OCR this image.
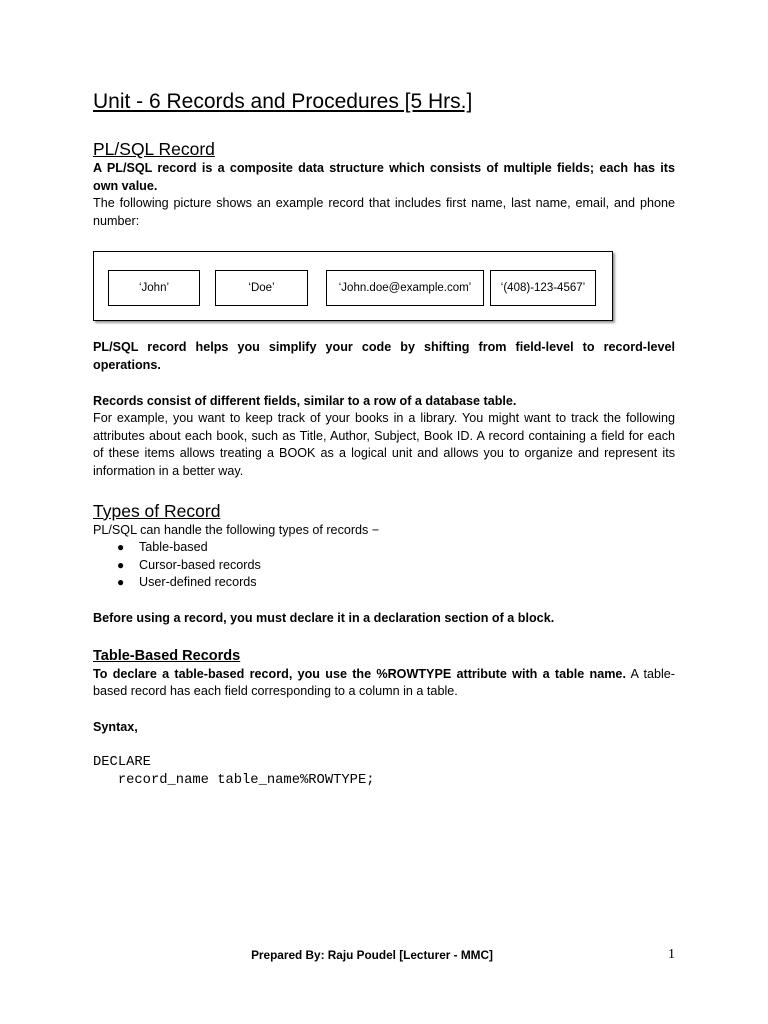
Unit - 6 Records and Procedures [5 Hrs.]
PL/SQL Record

A PL/SQL record is a composite data structure which consists of multiple fields; each has its own value.

The following picture shows an example record that includes first name, last name, email, and phone number:

‘John’	‘Doe’	‘John.doe@example.com’	‘(408)-123-4567’

PL/SQL record helps you simplify your code by shifting from field-level to record-level operations.

Records consist of different fields, similar to a row of a database table.

For example, you want to keep track of your books in a library. You might want to track the following attributes about each book, such as Title, Author, Subject, Book ID. A record containing a field for each of these items allows treating a BOOK as a logical unit and allows you to organize and represent its information in a better way.

Types of Record

PL/SQL can handle the following types of records −

● Table-based
● Cursor-based records
● User-defined records

Before using a record, you must declare it in a declaration section of a block.

Table-Based Records

To declare a table-based record, you use the %ROWTYPE attribute with a table name. A table-based record has each field corresponding to a column in a table.

Syntax,

DECLARE
record_name table_name%ROWTYPE;
Prepared By: Raju Poudel [Lecturer - MMC]	1
